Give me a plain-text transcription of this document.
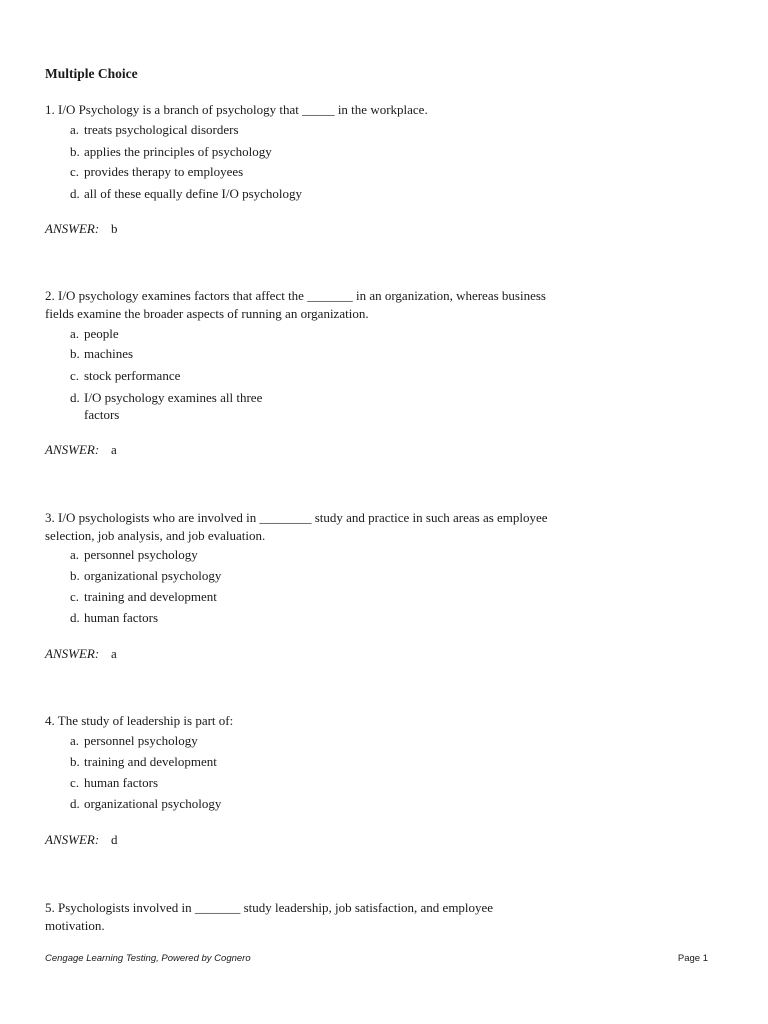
Multiple Choice
1. I/O Psychology is a branch of psychology that _____ in the workplace.
a. treats psychological disorders
b. applies the principles of psychology
c. provides therapy to employees
d. all of these equally define I/O psychology
ANSWER: b
2. I/O psychology examines factors that affect the _______ in an organization, whereas business
fields examine the broader aspects of running an organization.
a. people
b. machines
c. stock performance
d. I/O psychology examines all three
factors
ANSWER: a
3. I/O psychologists who are involved in ________ study and practice in such areas as employee
selection, job analysis, and job evaluation.
a. personnel psychology
b. organizational psychology
c. training and development
d. human factors
ANSWER: a
4. The study of leadership is part of:
a. personnel psychology
b. training and development
c. human factors
d. organizational psychology
ANSWER: d
5. Psychologists involved in _______ study leadership, job satisfaction, and employee
motivation.
Cengage Learning Testing, Powered by Cognero	Page 1
